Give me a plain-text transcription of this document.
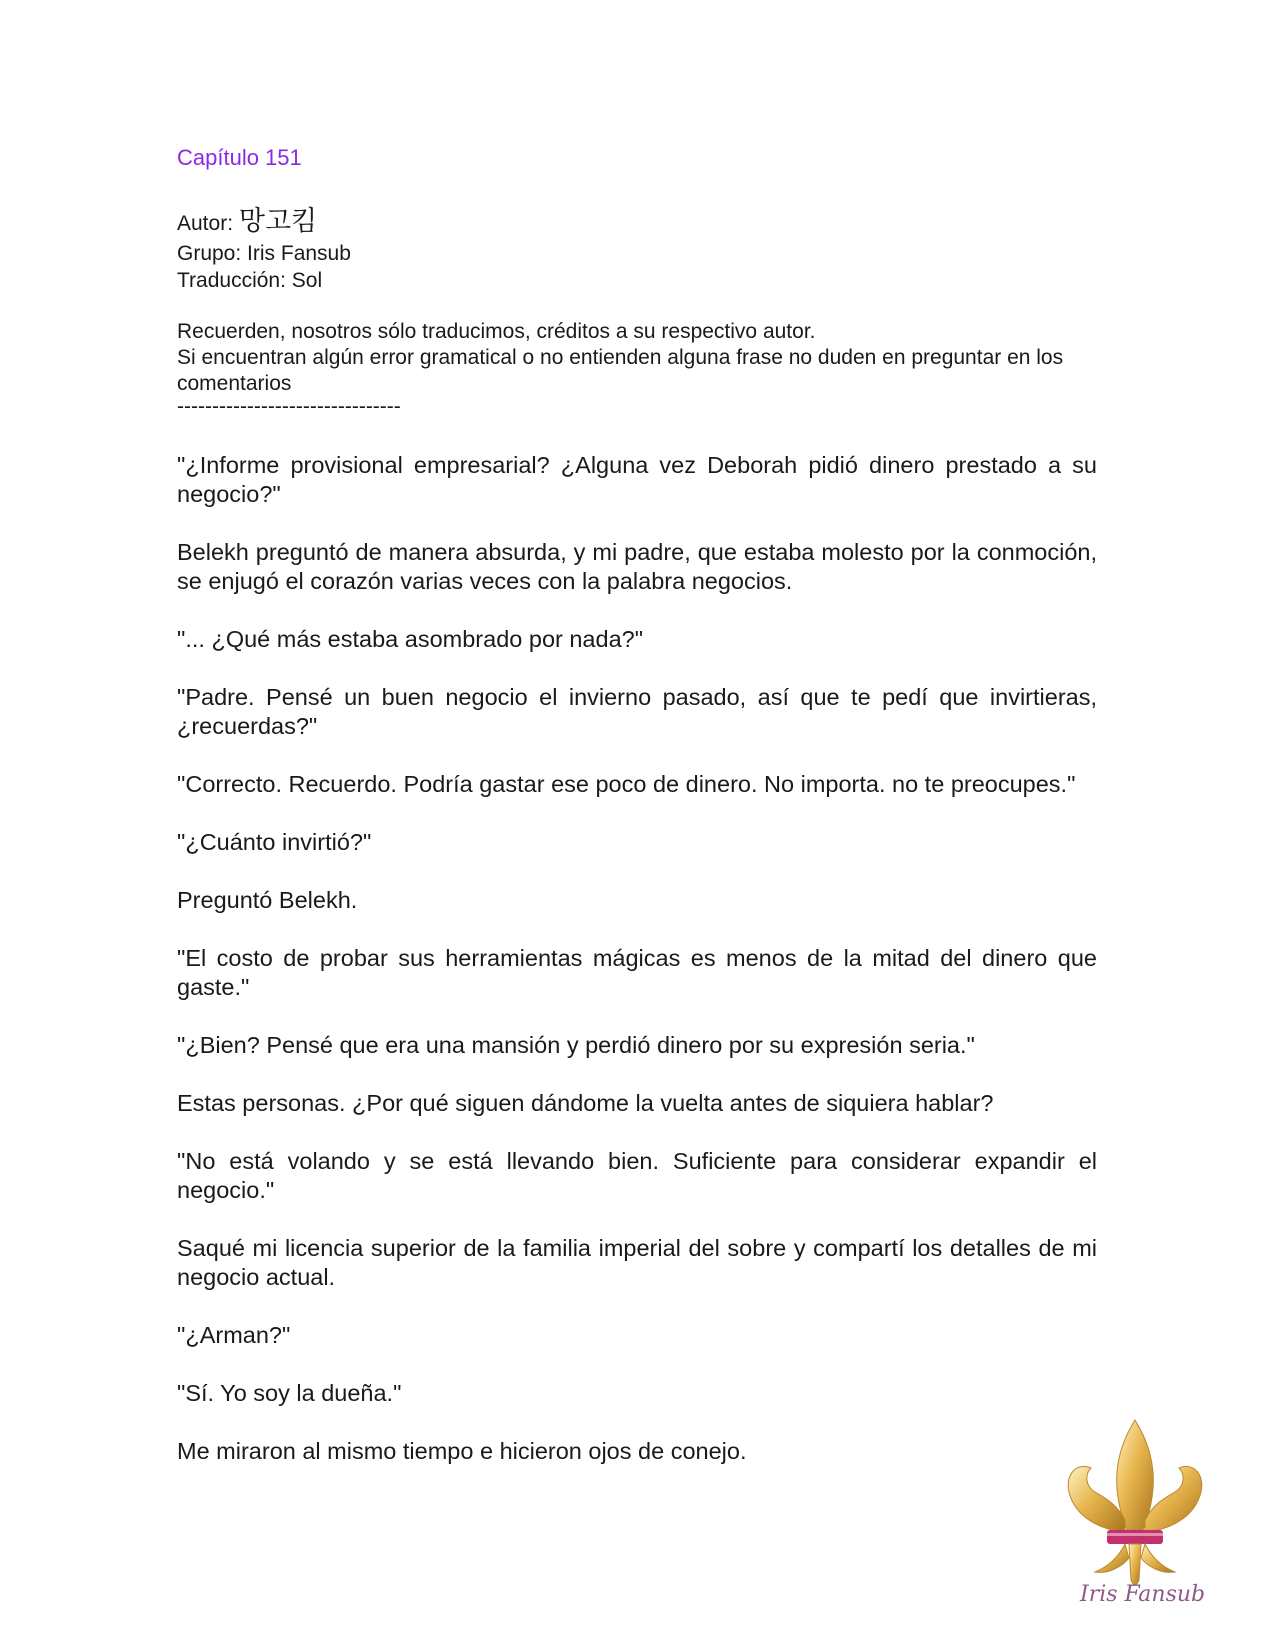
Capítulo 151

Autor: 망고킴

Grupo: Iris Fansub

Traducción: Sol

Recuerden, nosotros sólo traducimos, créditos a su respectivo autor.

Si encuentran algún error gramatical o no entienden alguna frase no duden en preguntar en los comentarios

--------------------------------

"¿Informe provisional empresarial? ¿Alguna vez Deborah pidió dinero prestado a su negocio?"

Belekh preguntó de manera absurda, y mi padre, que estaba molesto por la conmoción, se enjugó el corazón varias veces con la palabra negocios.

"... ¿Qué más estaba asombrado por nada?"

"Padre. Pensé un buen negocio el invierno pasado, así que te pedí que invirtieras, ¿recuerdas?"

"Correcto. Recuerdo. Podría gastar ese poco de dinero. No importa. no te preocupes."

"¿Cuánto invirtió?"

Preguntó Belekh.

"El costo de probar sus herramientas mágicas es menos de la mitad del dinero que gaste."

"¿Bien? Pensé que era una mansión y perdió dinero por su expresión seria."

Estas personas. ¿Por qué siguen dándome la vuelta antes de siquiera hablar?

"No está volando y se está llevando bien. Suficiente para considerar expandir el negocio."

Saqué mi licencia superior de la familia imperial del sobre y compartí los detalles de mi negocio actual.

"¿Arman?"

"Sí. Yo soy la dueña."

Me miraron al mismo tiempo e hicieron ojos de conejo.

Iris Fansub
